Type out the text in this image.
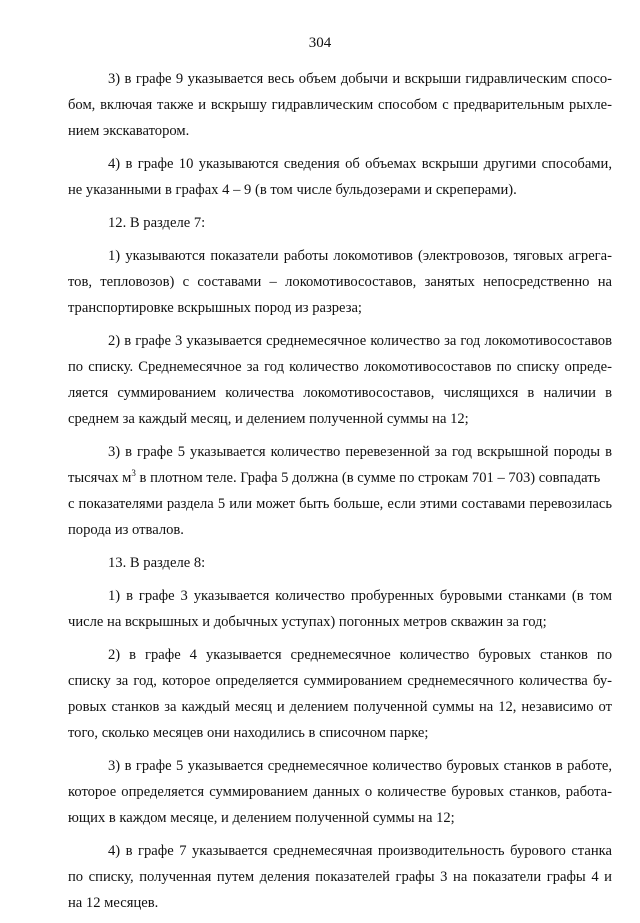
304

3) в графе 9 указывается весь объем добычи и вскрыши гидравлическим спосо-
бом, включая также и вскрышу гидравлическим способом с предварительным рыхле-
нием экскаватором.

4) в графе 10 указываются сведения об объемах вскрыши другими способами,
не указанными в графах 4 – 9 (в том числе бульдозерами и скреперами).

12. В разделе 7:

1) указываются показатели работы локомотивов (электровозов, тяговых агрега-
тов, тепловозов) с составами – локомотивосоставов, занятых непосредственно на
транспортировке вскрышных пород из разреза;

2) в графе 3 указывается среднемесячное количество за год локомотивосоставов
по списку. Среднемесячное за год количество локомотивосоставов по списку опреде-
ляется суммированием количества локомотивосоставов, числящихся в наличии в
среднем за каждый месяц, и делением полученной суммы на 12;

3) в графе 5 указывается количество перевезенной за год вскрышной породы в
тысячах $м^3$ в плотном теле. Графа 5 должна (в сумме по строкам 701 – 703) совпадать
с показателями раздела 5 или может быть больше, если этими составами перевозилась
порода из отвалов.

13. В разделе 8:

1) в графе 3 указывается количество пробуренных буровыми станками (в том
числе на вскрышных и добычных уступах) погонных метров скважин за год;

2) в графе 4 указывается среднемесячное количество буровых станков по
списку за год, которое определяется суммированием среднемесячного количества бу-
ровых станков за каждый месяц и делением полученной суммы на 12, независимо от
того, сколько месяцев они находились в списочном парке;

3) в графе 5 указывается среднемесячное количество буровых станков в работе,
которое определяется суммированием данных о количестве буровых станков, работа-
ющих в каждом месяце, и делением полученной суммы на 12;

4) в графе 7 указывается среднемесячная производительность бурового станка
по списку, полученная путем деления показателей графы 3 на показатели графы 4 и
на 12 месяцев.
